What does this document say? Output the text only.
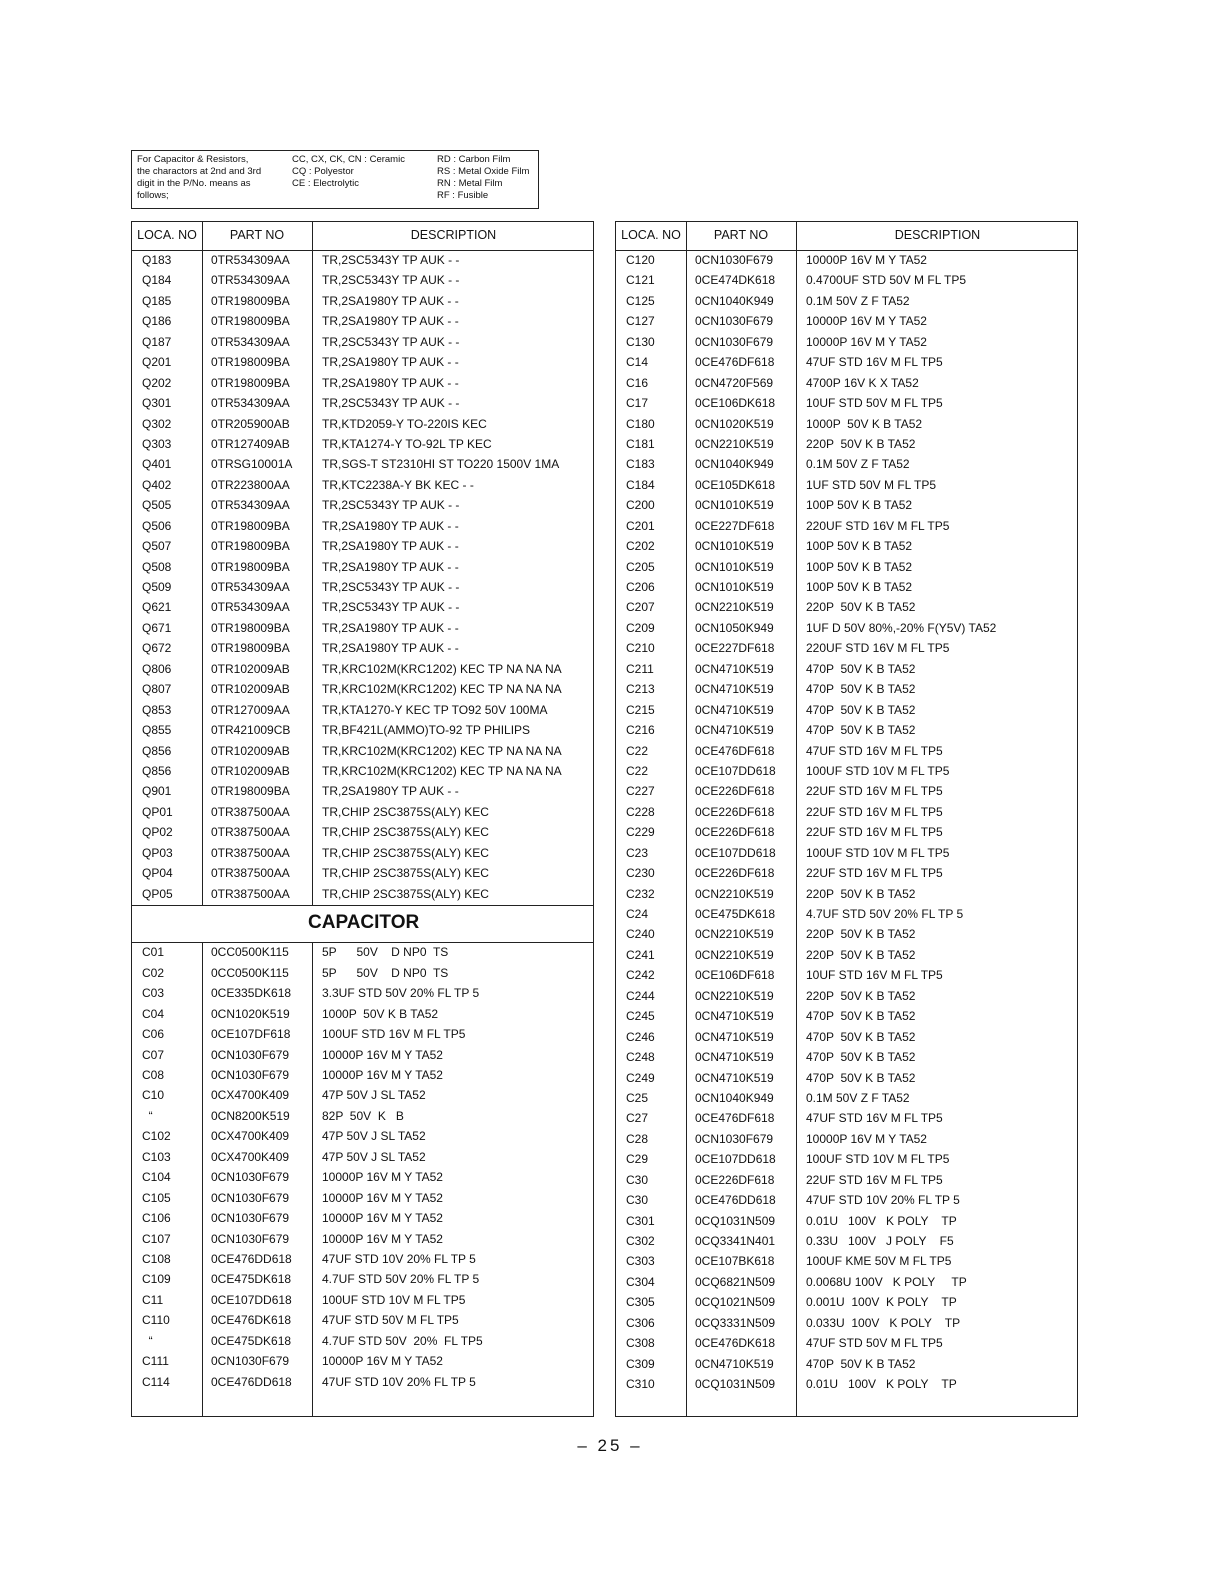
For Capacitor & Resistors,
the charactors at 2nd and 3rd
digit in the P/No. means as
follows;
CC, CX, CK, CN : Ceramic
CQ : Polyestor
CE : Electrolytic
RD : Carbon Film
RS : Metal Oxide Film
RN : Metal Film
RF : Fusible
LOCA. NO	PART NO	DESCRIPTION
Q183	0TR534309AA	TR,2SC5343Y TP AUK - -
Q184	0TR534309AA	TR,2SC5343Y TP AUK - -
Q185	0TR198009BA	TR,2SA1980Y TP AUK - -
Q186	0TR198009BA	TR,2SA1980Y TP AUK - -
Q187	0TR534309AA	TR,2SC5343Y TP AUK - -
Q201	0TR198009BA	TR,2SA1980Y TP AUK - -
Q202	0TR198009BA	TR,2SA1980Y TP AUK - -
Q301	0TR534309AA	TR,2SC5343Y TP AUK - -
Q302	0TR205900AB	TR,KTD2059-Y TO-220IS KEC
Q303	0TR127409AB	TR,KTA1274-Y TO-92L TP KEC
Q401	0TRSG10001A TR,SGS-T ST2310HI ST TO220 1500V 1MA
Q402	0TR223800AA	TR,KTC2238A-Y BK KEC - -
Q505	0TR534309AA	TR,2SC5343Y TP AUK - -
Q506	0TR198009BA	TR,2SA1980Y TP AUK - -
Q507	0TR198009BA	TR,2SA1980Y TP AUK - -
Q508	0TR198009BA	TR,2SA1980Y TP AUK - -
Q509	0TR534309AA	TR,2SC5343Y TP AUK - -
Q621	0TR534309AA	TR,2SC5343Y TP AUK - -
Q671	0TR198009BA	TR,2SA1980Y TP AUK - -
Q672	0TR198009BA	TR,2SA1980Y TP AUK - -
Q806	0TR102009AB	TR,KRC102M(KRC1202) KEC TP NA NA NA
Q807	0TR102009AB	TR,KRC102M(KRC1202) KEC TP NA NA NA
Q853	0TR127009AA	TR,KTA1270-Y KEC TP TO92 50V 100MA
Q855	0TR421009CB	TR,BF421L(AMMO)TO-92 TP PHILIPS
Q856	0TR102009AB	TR,KRC102M(KRC1202) KEC TP NA NA NA
Q856	0TR102009AB	TR,KRC102M(KRC1202) KEC TP NA NA NA
Q901	0TR198009BA	TR,2SA1980Y TP AUK - -
QP01	0TR387500AA	TR,CHIP 2SC3875S(ALY) KEC
QP02	0TR387500AA	TR,CHIP 2SC3875S(ALY) KEC
QP03	0TR387500AA	TR,CHIP 2SC3875S(ALY) KEC
QP04	0TR387500AA	TR,CHIP 2SC3875S(ALY) KEC
QP05	0TR387500AA	TR,CHIP 2SC3875S(ALY) KEC
CAPACITOR
C01	0CC0500K115	5P      50V    D NP0  TS
C02	0CC0500K115	5P      50V    D NP0  TS
C03	0CE335DK618	3.3UF STD 50V 20% FL TP 5
C04	0CN1020K519	1000P  50V K B TA52
C06	0CE107DF618	100UF STD 16V M FL TP5
C07	0CN1030F679	10000P 16V M Y TA52
C08	0CN1030F679	10000P 16V M Y TA52
C10	0CX4700K409	47P 50V J SL TA52
“	0CN8200K519	82P  50V  K   B
C102	0CX4700K409	47P 50V J SL TA52
C103	0CX4700K409	47P 50V J SL TA52
C104	0CN1030F679	10000P 16V M Y TA52
C105	0CN1030F679	10000P 16V M Y TA52
C106	0CN1030F679	10000P 16V M Y TA52
C107	0CN1030F679	10000P 16V M Y TA52
C108	0CE476DD618	47UF STD 10V 20% FL TP 5
C109	0CE475DK618	4.7UF STD 50V 20% FL TP 5
C11	0CE107DD618	100UF STD 10V M FL TP5
C110	0CE476DK618	47UF STD 50V M FL TP5
“	0CE475DK618	4.7UF STD 50V  20%  FL TP5
C111	0CN1030F679	10000P 16V M Y TA52
C114	0CE476DD618	47UF STD 10V 20% FL TP 5
LOCA. NO	PART NO	DESCRIPTION
C120	0CN1030F679	10000P 16V M Y TA52
C121	0CE474DK618	0.4700UF STD 50V M FL TP5
C125	0CN1040K949	0.1M 50V Z F TA52
C127	0CN1030F679	10000P 16V M Y TA52
C130	0CN1030F679	10000P 16V M Y TA52
C14	0CE476DF618	47UF STD 16V M FL TP5
C16	0CN4720F569	4700P 16V K X TA52
C17	0CE106DK618	10UF STD 50V M FL TP5
C180	0CN1020K519	1000P  50V K B TA52
C181	0CN2210K519	220P  50V K B TA52
C183	0CN1040K949	0.1M 50V Z F TA52
C184	0CE105DK618	1UF STD 50V M FL TP5
C200	0CN1010K519	100P 50V K B TA52
C201	0CE227DF618	220UF STD 16V M FL TP5
C202	0CN1010K519	100P 50V K B TA52
C205	0CN1010K519	100P 50V K B TA52
C206	0CN1010K519	100P 50V K B TA52
C207	0CN2210K519	220P  50V K B TA52
C209	0CN1050K949	1UF D 50V 80%,-20% F(Y5V) TA52
C210	0CE227DF618	220UF STD 16V M FL TP5
C211	0CN4710K519	470P  50V K B TA52
C213	0CN4710K519	470P  50V K B TA52
C215	0CN4710K519	470P  50V K B TA52
C216	0CN4710K519	470P  50V K B TA52
C22	0CE476DF618	47UF STD 16V M FL TP5
C22	0CE107DD618	100UF STD 10V M FL TP5
C227	0CE226DF618	22UF STD 16V M FL TP5
C228	0CE226DF618	22UF STD 16V M FL TP5
C229	0CE226DF618	22UF STD 16V M FL TP5
C23	0CE107DD618	100UF STD 10V M FL TP5
C230	0CE226DF618	22UF STD 16V M FL TP5
C232	0CN2210K519	220P  50V K B TA52
C24	0CE475DK618	4.7UF STD 50V 20% FL TP 5
C240	0CN2210K519	220P  50V K B TA52
C241	0CN2210K519	220P  50V K B TA52
C242	0CE106DF618	10UF STD 16V M FL TP5
C244	0CN2210K519	220P  50V K B TA52
C245	0CN4710K519	470P  50V K B TA52
C246	0CN4710K519	470P  50V K B TA52
C248	0CN4710K519	470P  50V K B TA52
C249	0CN4710K519	470P  50V K B TA52
C25	0CN1040K949	0.1M 50V Z F TA52
C27	0CE476DF618	47UF STD 16V M FL TP5
C28	0CN1030F679	10000P 16V M Y TA52
C29	0CE107DD618	100UF STD 10V M FL TP5
C30	0CE226DF618	22UF STD 16V M FL TP5
C30	0CE476DD618	47UF STD 10V 20% FL TP 5
C301	0CQ1031N509	0.01U   100V   K POLY    TP
C302	0CQ3341N401	0.33U   100V   J POLY    F5
C303	0CE107BK618	100UF KME 50V M FL TP5
C304	0CQ6821N509	0.0068U 100V   K POLY     TP
C305	0CQ1021N509	0.001U  100V  K POLY    TP
C306	0CQ3331N509	0.033U  100V   K POLY    TP
C308	0CE476DK618	47UF STD 50V M FL TP5
C309	0CN4710K519	470P  50V K B TA52
C310	0CQ1031N509	0.01U   100V   K POLY    TP
– 25 –
